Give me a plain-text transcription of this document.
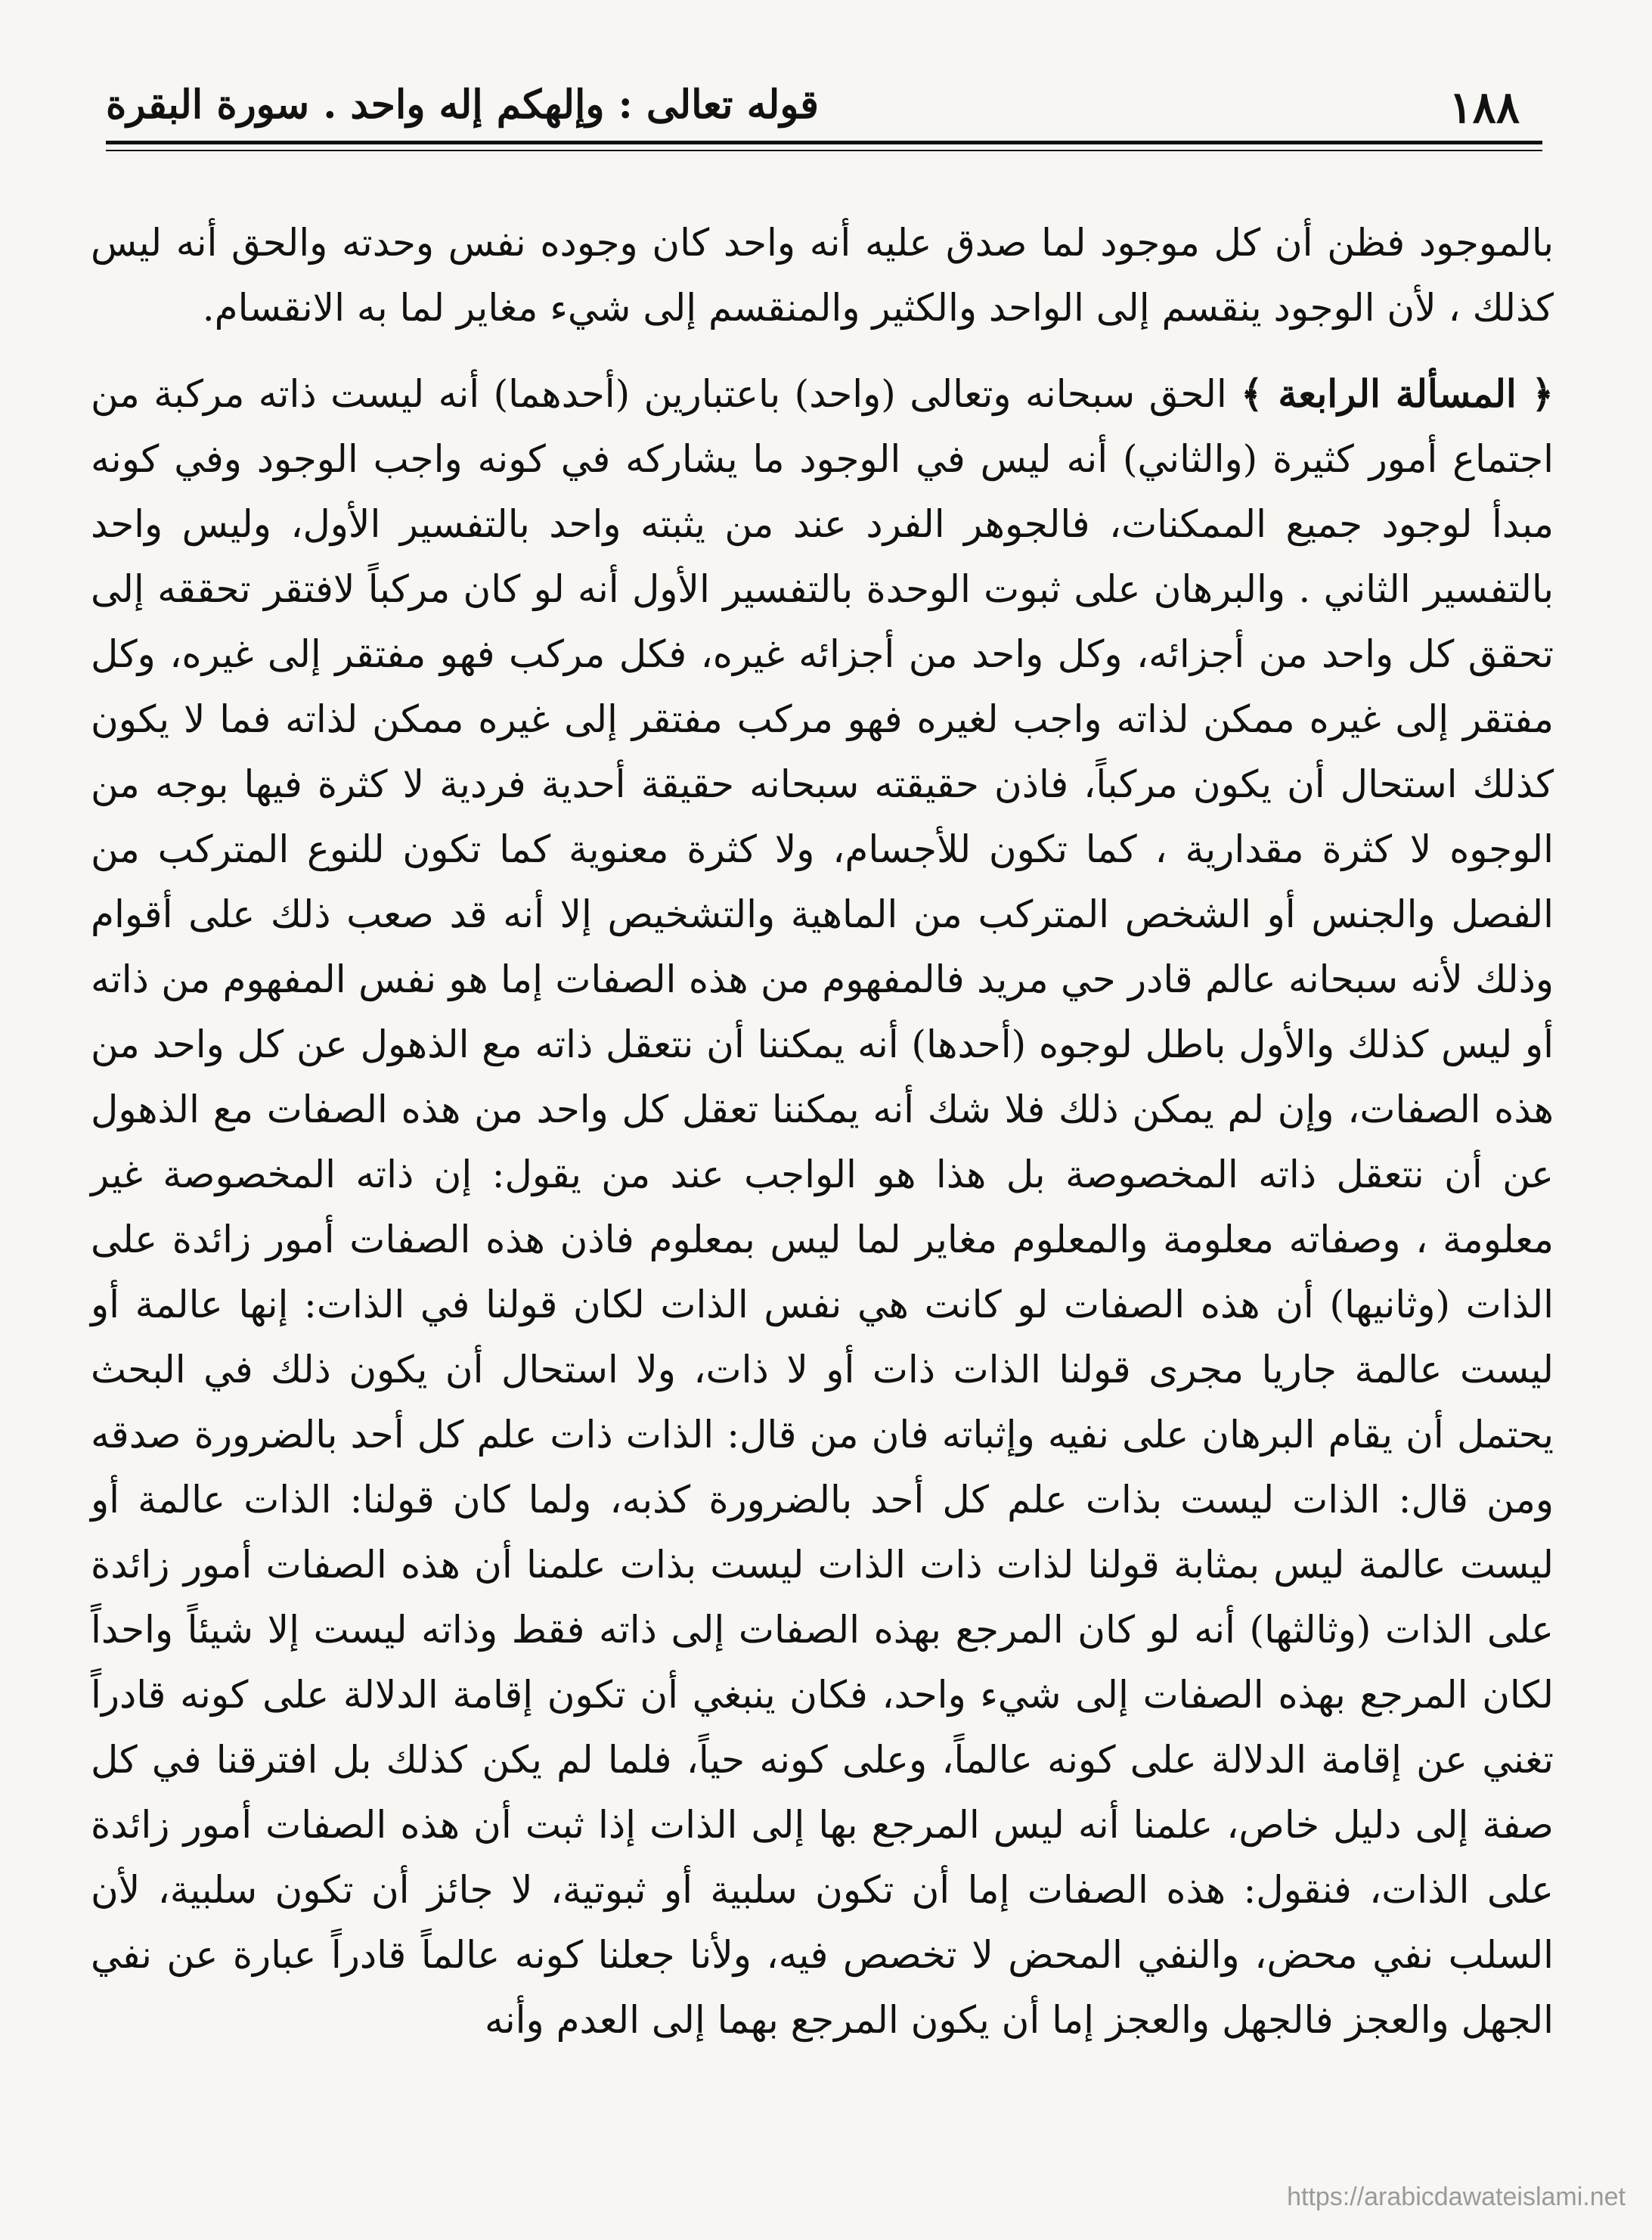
١٨٨
قوله تعالى : وإلهكم إله واحد . سورة البقرة

بالموجود فظن أن كل موجود لما صدق عليه أنه واحد كان وجوده نفس وحدته والحق أنه ليس كذلك ، لأن الوجود ينقسم إلى الواحد والكثير والمنقسم إلى شيء مغاير لما به الانقسام.

﴿ المسألة الرابعة ﴾ الحق سبحانه وتعالى (واحد) باعتبارين (أحدهما) أنه ليست ذاته مركبة من اجتماع أمور كثيرة (والثاني) أنه ليس في الوجود ما يشاركه في كونه واجب الوجود وفي كونه مبدأ لوجود جميع الممكنات، فالجوهر الفرد عند من يثبته واحد بالتفسير الأول، وليس واحد بالتفسير الثاني . والبرهان على ثبوت الوحدة بالتفسير الأول أنه لو كان مركباً لافتقر تحققه إلى تحقق كل واحد من أجزائه، وكل واحد من أجزائه غيره، فكل مركب فهو مفتقر إلى غيره، وكل مفتقر إلى غيره ممكن لذاته واجب لغيره فهو مركب مفتقر إلى غيره ممكن لذاته فما لا يكون كذلك استحال أن يكون مركباً، فاذن حقيقته سبحانه حقيقة أحدية فردية لا كثرة فيها بوجه من الوجوه لا كثرة مقدارية ، كما تكون للأجسام، ولا كثرة معنوية كما تكون للنوع المتركب من الفصل والجنس أو الشخص المتركب من الماهية والتشخيص إلا أنه قد صعب ذلك على أقوام وذلك لأنه سبحانه عالم قادر حي مريد فالمفهوم من هذه الصفات إما هو نفس المفهوم من ذاته أو ليس كذلك والأول باطل لوجوه (أحدها) أنه يمكننا أن نتعقل ذاته مع الذهول عن كل واحد من هذه الصفات، وإن لم يمكن ذلك فلا شك أنه يمكننا تعقل كل واحد من هذه الصفات مع الذهول عن أن نتعقل ذاته المخصوصة بل هذا هو الواجب عند من يقول: إن ذاته المخصوصة غير معلومة ، وصفاته معلومة والمعلوم مغاير لما ليس بمعلوم فاذن هذه الصفات أمور زائدة على الذات (وثانيها) أن هذه الصفات لو كانت هي نفس الذات لكان قولنا في الذات: إنها عالمة أو ليست عالمة جاريا مجرى قولنا الذات ذات أو لا ذات، ولا استحال أن يكون ذلك في البحث يحتمل أن يقام البرهان على نفيه وإثباته فان من قال: الذات ذات علم كل أحد بالضرورة صدقه ومن قال: الذات ليست بذات علم كل أحد بالضرورة كذبه، ولما كان قولنا: الذات عالمة أو ليست عالمة ليس بمثابة قولنا لذات ذات الذات ليست بذات علمنا أن هذه الصفات أمور زائدة على الذات (وثالثها) أنه لو كان المرجع بهذه الصفات إلى ذاته فقط وذاته ليست إلا شيئاً واحداً لكان المرجع بهذه الصفات إلى شيء واحد، فكان ينبغي أن تكون إقامة الدلالة على كونه قادراً تغني عن إقامة الدلالة على كونه عالماً، وعلى كونه حياً، فلما لم يكن كذلك بل افترقنا في كل صفة إلى دليل خاص، علمنا أنه ليس المرجع بها إلى الذات إذا ثبت أن هذه الصفات أمور زائدة على الذات، فنقول: هذه الصفات إما أن تكون سلبية أو ثبوتية، لا جائز أن تكون سلبية، لأن السلب نفي محض، والنفي المحض لا تخصص فيه، ولأنا جعلنا كونه عالماً قادراً عبارة عن نفي الجهل والعجز فالجهل والعجز إما أن يكون المرجع بهما إلى العدم وأنه

https://arabicdawateislami.net
